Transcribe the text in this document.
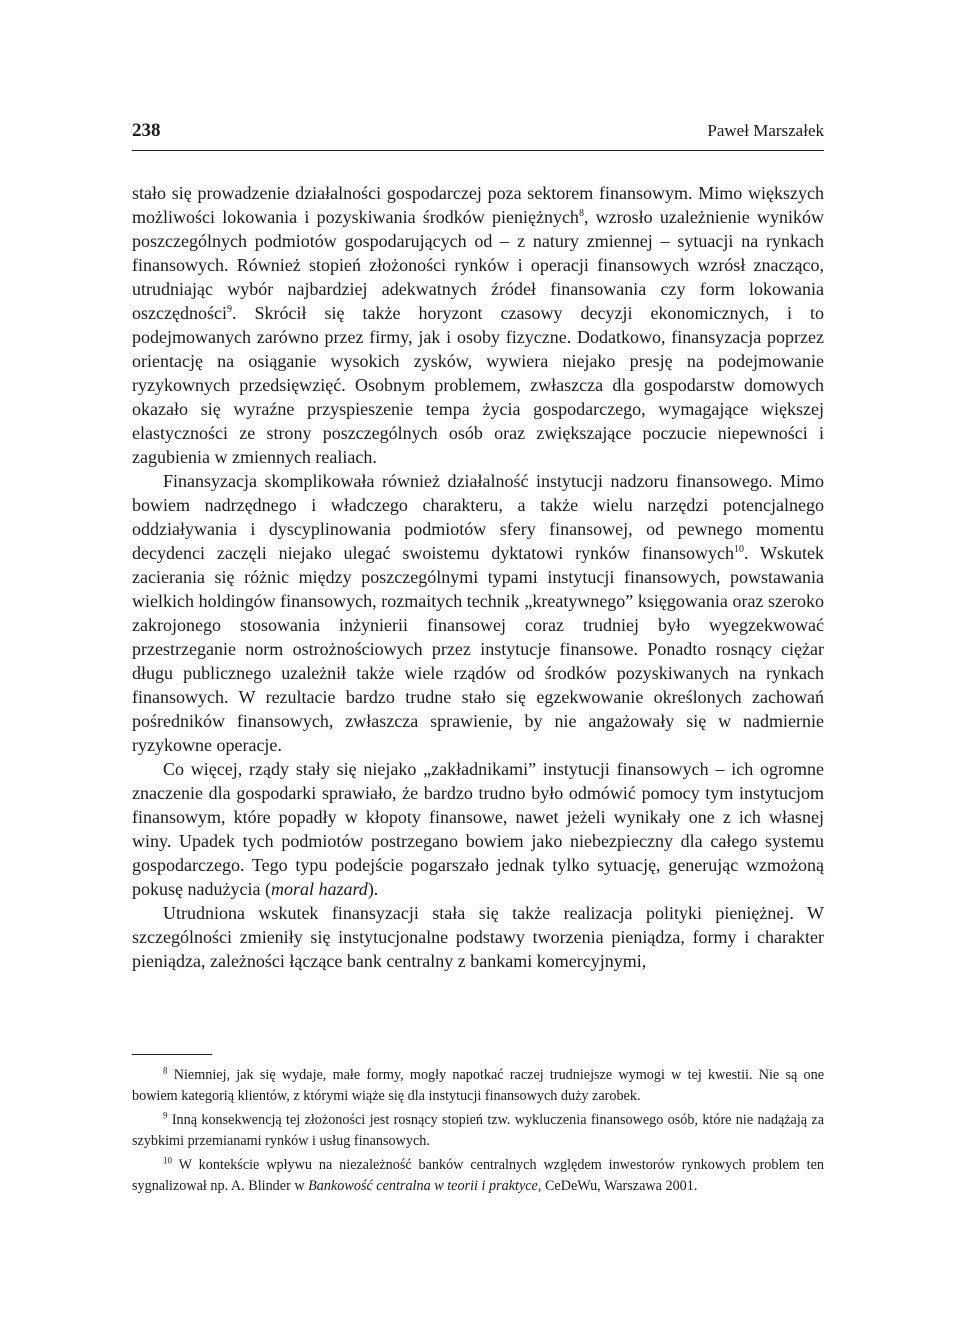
238	Paweł Marszałek

stało się prowadzenie działalności gospodarczej poza sektorem finansowym. Mimo większych możliwości lokowania i pozyskiwania środków pieniężnych$^8$, wzrosło uzależnienie wyników poszczególnych podmiotów gospodarujących od – z natury zmiennej – sytuacji na rynkach finansowych. Również stopień złożoności rynków i operacji finansowych wzrósł znacząco, utrudniając wybór najbardziej adekwatnych źródeł finansowania czy form lokowania oszczędności$^9$. Skrócił się także horyzont czasowy decyzji ekonomicznych, i to podejmowanych zarówno przez firmy, jak i osoby fizyczne. Dodatkowo, finansyzacja poprzez orientację na osiąganie wysokich zysków, wywiera niejako presję na podejmowanie ryzykownych przedsięwzięć. Osobnym problemem, zwłaszcza dla gospodarstw domowych okazało się wyraźne przyspieszenie tempa życia gospodarczego, wymagające większej elastyczności ze strony poszczególnych osób oraz zwiększające poczucie niepewności i zagubienia w zmiennych realiach.

Finansyzacja skomplikowała również działalność instytucji nadzoru finansowego. Mimo bowiem nadrzędnego i władczego charakteru, a także wielu narzędzi potencjalnego oddziaływania i dyscyplinowania podmiotów sfery finansowej, od pewnego momentu decydenci zaczęli niejako ulegać swoistemu dyktatowi rynków finansowych$^{10}$. Wskutek zacierania się różnic między poszczególnymi typami instytucji finansowych, powstawania wielkich holdingów finansowych, rozmaitych technik „kreatywnego” księgowania oraz szeroko zakrojonego stosowania inżynierii finansowej coraz trudniej było wyegzekwować przestrzeganie norm ostrożnościowych przez instytucje finansowe. Ponadto rosnący ciężar długu publicznego uzależnił także wiele rządów od środków pozyskiwanych na rynkach finansowych. W rezultacie bardzo trudne stało się egzekwowanie określonych zachowań pośredników finansowych, zwłaszcza sprawienie, by nie angażowały się w nadmiernie ryzykowne operacje.

Co więcej, rządy stały się niejako „zakładnikami” instytucji finansowych – ich ogromne znaczenie dla gospodarki sprawiało, że bardzo trudno było odmówić pomocy tym instytucjom finansowym, które popadły w kłopoty finansowe, nawet jeżeli wynikały one z ich własnej winy. Upadek tych podmiotów postrzegano bowiem jako niebezpieczny dla całego systemu gospodarczego. Tego typu podejście pogarszało jednak tylko sytuację, generując wzmożoną pokusę nadużycia (moral hazard).

Utrudniona wskutek finansyzacji stała się także realizacja polityki pieniężnej. W szczególności zmieniły się instytucjonalne podstawy tworzenia pieniądza, formy i charakter pieniądza, zależności łączące bank centralny z bankami komercyjnymi,

$^8$ Niemniej, jak się wydaje, małe formy, mogły napotkać raczej trudniejsze wymogi w tej kwestii. Nie są one bowiem kategorią klientów, z którymi wiąże się dla instytucji finansowych duży zarobek.

$^9$ Inną konsekwencją tej złożoności jest rosnący stopień tzw. wykluczenia finansowego osób, które nie nadążają za szybkimi przemianami rynków i usług finansowych.

$^{10}$ W kontekście wpływu na niezależność banków centralnych względem inwestorów rynkowych problem ten sygnalizował np. A. Blinder w Bankowość centralna w teorii i praktyce, CeDeWu, Warszawa 2001.
